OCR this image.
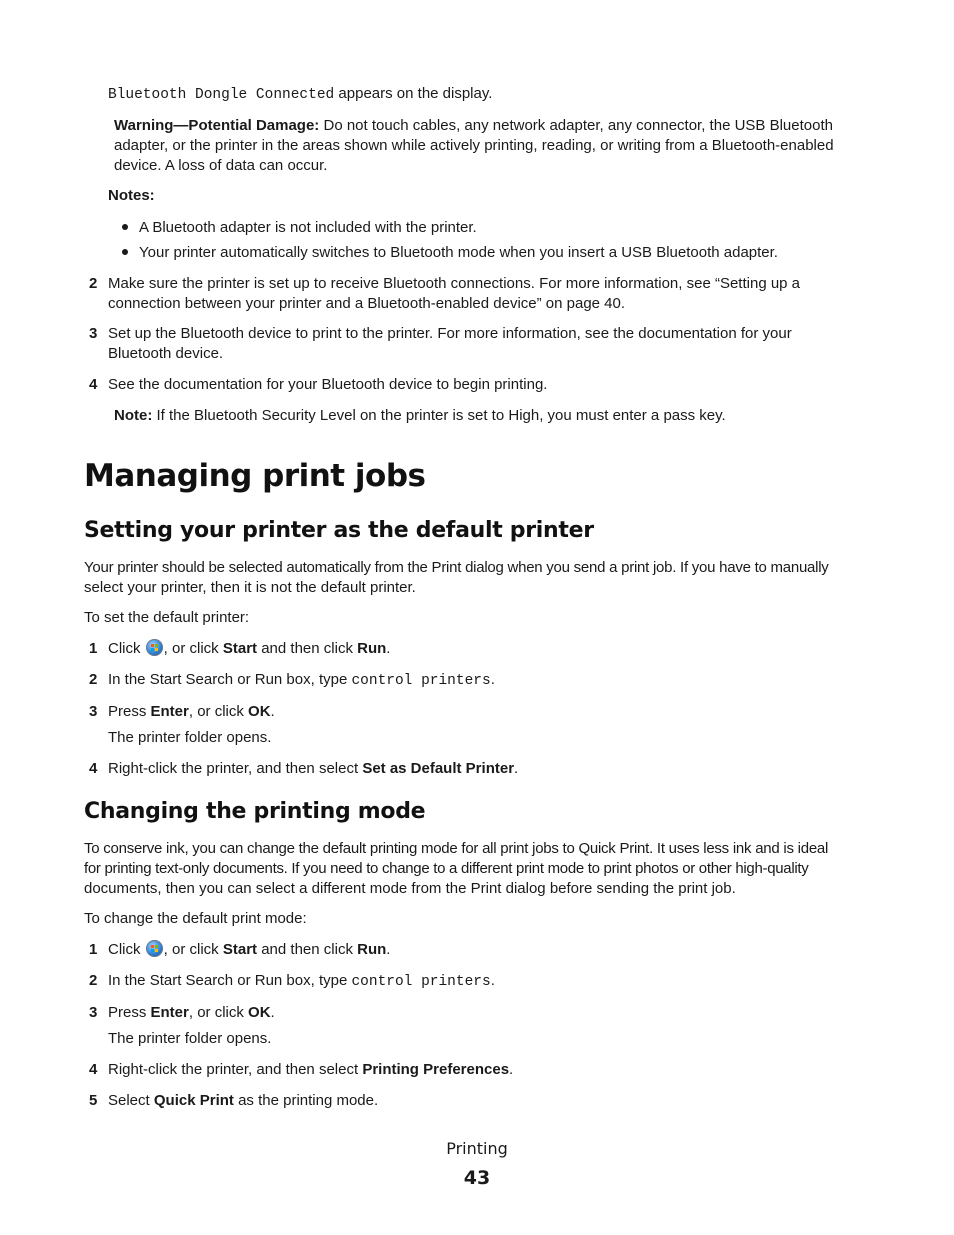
Bluetooth Dongle Connected appears on the display.
Warning—Potential Damage: Do not touch cables, any network adapter, any connector, the USB Bluetooth
adapter, or the printer in the areas shown while actively printing, reading, or writing from a Bluetooth-enabled
device. A loss of data can occur.
Notes:
A Bluetooth adapter is not included with the printer.
Your printer automatically switches to Bluetooth mode when you insert a USB Bluetooth adapter.
2 Make sure the printer is set up to receive Bluetooth connections. For more information, see “Setting up a
connection between your printer and a Bluetooth-enabled device” on page 40.
3 Set up the Bluetooth device to print to the printer. For more information, see the documentation for your
Bluetooth device.
4 See the documentation for your Bluetooth device to begin printing.
Note: If the Bluetooth Security Level on the printer is set to High, you must enter a pass key.
Managing print jobs
Setting your printer as the default printer
Your printer should be selected automatically from the Print dialog when you send a print job. If you have to manually
select your printer, then it is not the default printer.
To set the default printer:
1 Click , or click Start and then click Run.
2 In the Start Search or Run box, type control printers.
3 Press Enter, or click OK.
The printer folder opens.
4 Right-click the printer, and then select Set as Default Printer.
Changing the printing mode
To conserve ink, you can change the default printing mode for all print jobs to Quick Print. It uses less ink and is ideal
for printing text-only documents. If you need to change to a different print mode to print photos or other high-quality
documents, then you can select a different mode from the Print dialog before sending the print job.
To change the default print mode:
1 Click , or click Start and then click Run.
2 In the Start Search or Run box, type control printers.
3 Press Enter, or click OK.
The printer folder opens.
4 Right-click the printer, and then select Printing Preferences.
5 Select Quick Print as the printing mode.
Printing
43
